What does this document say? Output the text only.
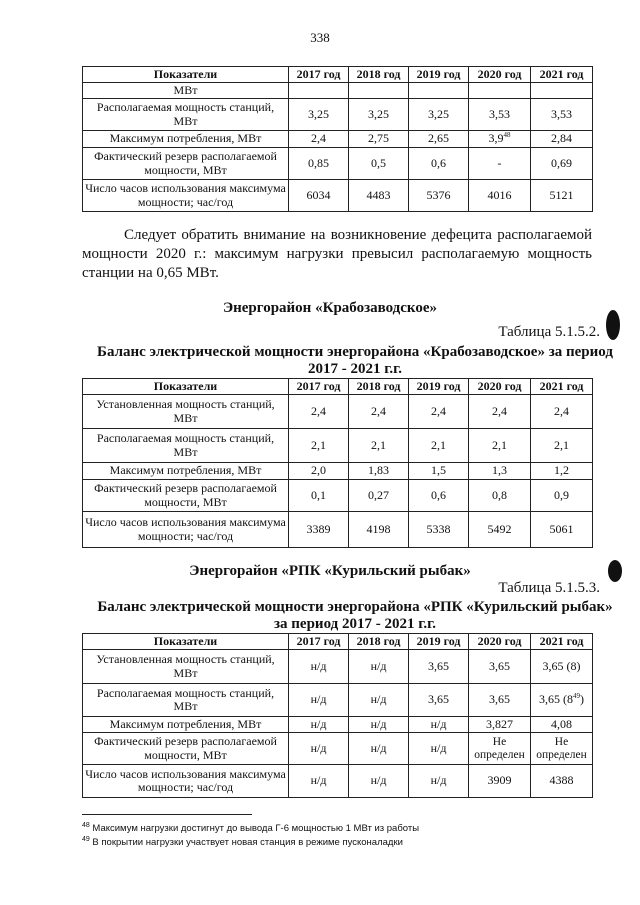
338
Показатели	2017 год	2018 год	2019 год	2020 год	2021 год
МВт					
Располагаемая мощность станций, МВт	3,25	3,25	3,25	3,53	3,53
Максимум потребления, МВт	2,4	2,75	2,65	$3,9^{48}$	2,84
Фактический резерв располагаемой мощности, МВт	0,85	0,5	0,6	-	0,69
Число часов использования максимума мощности; час/год	6034	4483	5376	4016	5121

Следует обратить внимание на возникновение дефецита располагаемой мощности 2020 г.: максимум нагрузки превысил располагаемую мощность станции на 0,65 МВт.

Энергорайон «Крабозаводское»

Таблица 5.1.5.2.

Баланс электрической мощности энергорайона «Крабозаводское» за период 2017 - 2021 г.г.

Показатели	2017 год	2018 год	2019 год	2020 год	2021 год
Установленная мощность станций, МВт	2,4	2,4	2,4	2,4	2,4
Располагаемая мощность станций, МВт	2,1	2,1	2,1	2,1	2,1
Максимум потребления, МВт	2,0	1,83	1,5	1,3	1,2
Фактический резерв располагаемой мощности, МВт	0,1	0,27	0,6	0,8	0,9
Число часов использования максимума мощности; час/год	3389	4198	5338	5492	5061

Энергорайон «РПК «Курильский рыбак»

Таблица 5.1.5.3.

Баланс электрической мощности энергорайона «РПК «Курильский рыбак» за период 2017 - 2021 г.г.

Показатели	2017 год	2018 год	2019 год	2020 год	2021 год
Установленная мощность станций, МВт	н/д	н/д	3,65	3,65	3,65 (8)
Располагаемая мощность станций, МВт	н/д	н/д	3,65	3,65	3,65 $(8^{49})$
Максимум потребления, МВт	н/д	н/д	н/д	3,827	4,08
Фактический резерв располагаемой мощности, МВт	н/д	н/д	н/д	Не определен	Не определен
Число часов использования максимума мощности; час/год	н/д	н/д	н/д	3909	4388

$^{48}$ Максимум нагрузки достигнут до вывода Г-6 мощностью 1 МВт из работы

$^{49}$ В покрытии нагрузки участвует новая станция в режиме пусконаладки
